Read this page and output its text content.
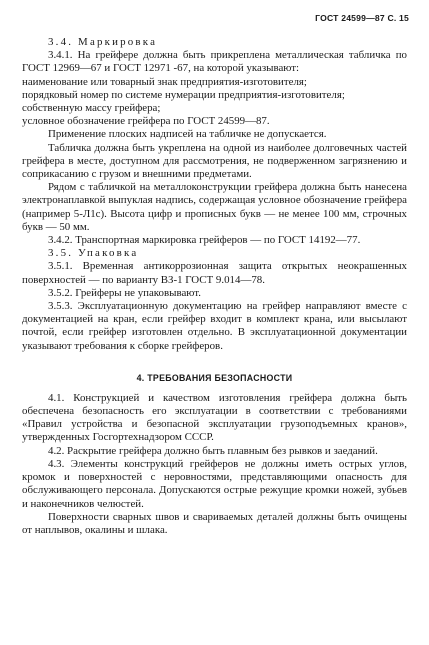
ГОСТ 24599—87 С. 15

3.4. Маркировка

3.4.1. На грейфере должна быть прикреплена металлическая табличка по ГОСТ 12969—67 и ГОСТ 12971 -67, на которой указывают:

наименование или товарный знак предприятия-изготовителя;

порядковый номер по системе нумерации предприятия-изготовителя;

собственную массу грейфера;

условное обозначение грейфера по ГОСТ 24599—87.

Применение плоских надписей на табличке не допускается.

Табличка должна быть укреплена на одной из наиболее долговечных частей грейфера в месте, доступном для рассмотрения, не подверженном загрязнению и соприкасанию с грузом и внешними предметами.

Рядом с табличкой на металлоконструкции грейфера должна быть нанесена электронаплавкой выпуклая надпись, содержащая условное обозначение грейфера (например 5-Л1с). Высота цифр и прописных букв — не менее 100 мм, строчных букв — 50 мм.

3.4.2. Транспортная маркировка грейферов — по ГОСТ 14192—77.

3.5. Упаковка

3.5.1. Временная антикоррозионная защита открытых неокрашенных поверхностей — по варианту ВЗ-1 ГОСТ 9.014—78.

3.5.2. Грейферы не упаковывают.

3.5.3. Эксплуатационную документацию на грейфер направляют вместе с документацией на кран, если грейфер входит в комплект крана, или высылают почтой, если грейфер изготовлен отдельно. В эксплуатационной документации указывают требования к сборке грейферов.

4. ТРЕБОВАНИЯ БЕЗОПАСНОСТИ

4.1. Конструкцией и качеством изготовления грейфера должна быть обеспечена безопасность его эксплуатации в соответствии с требованиями «Правил устройства и безопасной эксплуатации грузоподъемных кранов», утвержденных Госгортехнадзором СССР.

4.2. Раскрытие грейфера должно быть плавным без рывков и заеданий.

4.3. Элементы конструкций грейферов не должны иметь острых углов, кромок и поверхностей с неровностями, представляющими опасность для обслуживающего персонала. Допускаются острые режущие кромки ножей, зубьев и наконечников челюстей.

Поверхности сварных швов и свариваемых деталей должны быть очищены от наплывов, окалины и шлака.
